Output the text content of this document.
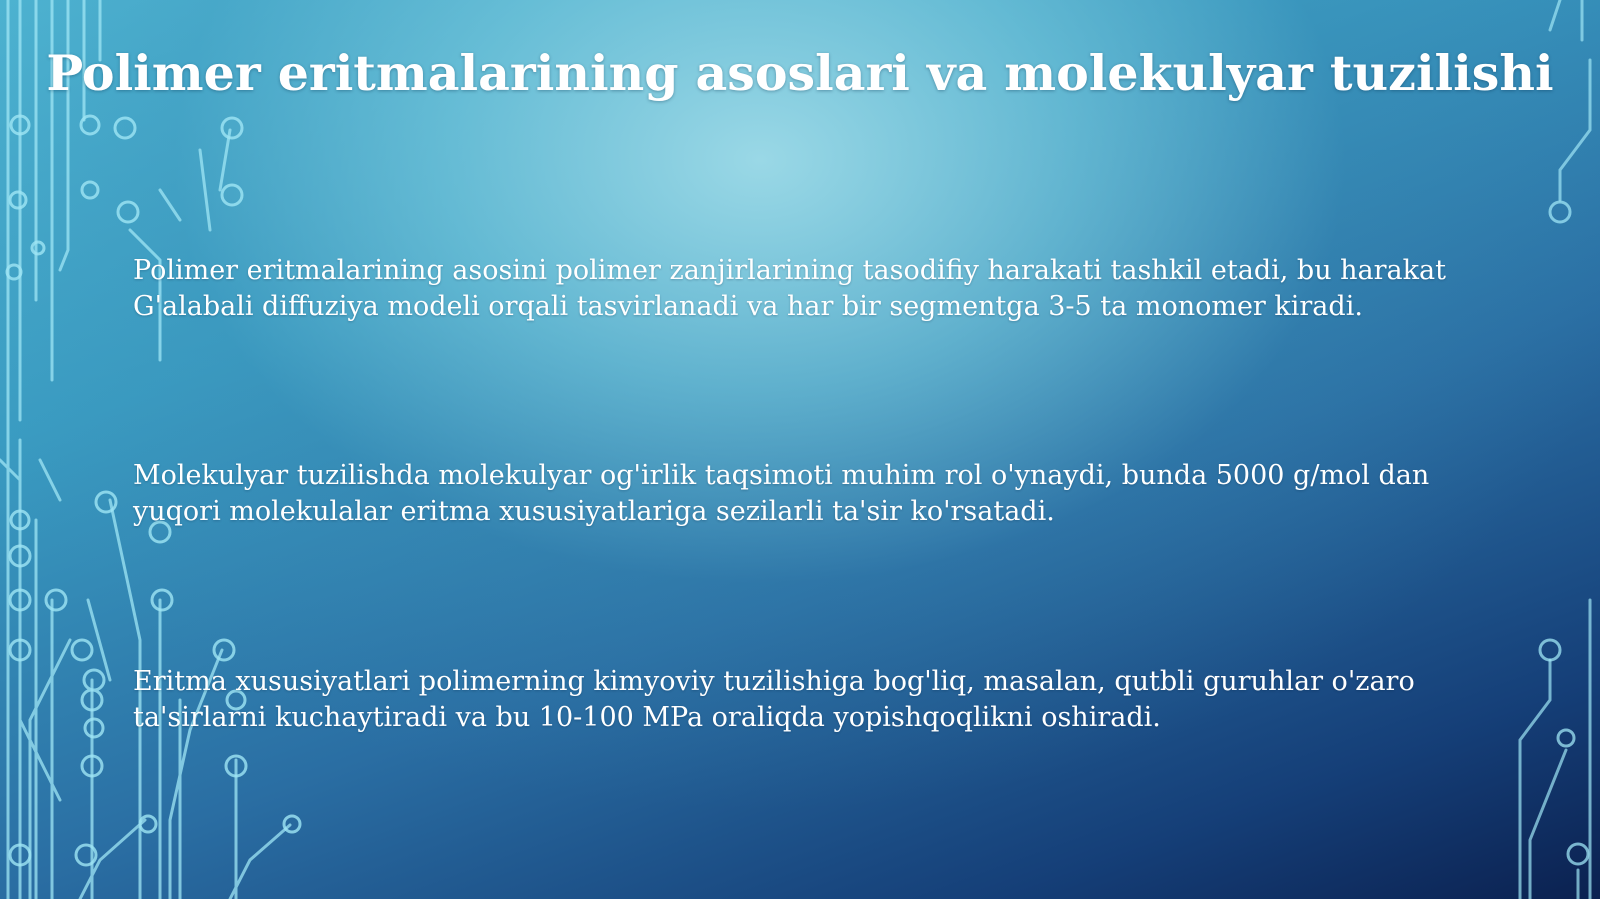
Polimer eritmalarining asoslari va molekulyar tuzilishi

Polimer eritmalarining asosini polimer zanjirlarining tasodifiy harakati tashkil etadi, bu harakat G'alabali diffuziya modeli orqali tasvirlanadi va har bir segmentga 3-5 ta monomer kiradi.

Molekulyar tuzilishda molekulyar og'irlik taqsimoti muhim rol o'ynaydi, bunda 5000 g/mol dan yuqori molekulalar eritma xususiyatlariga sezilarli ta'sir ko'rsatadi.

Eritma xususiyatlari polimerning kimyoviy tuzilishiga bog'liq, masalan, qutbli guruhlar o'zaro ta'sirlarni kuchaytiradi va bu 10-100 MPa oraliqda yopishqoqlikni oshiradi.
